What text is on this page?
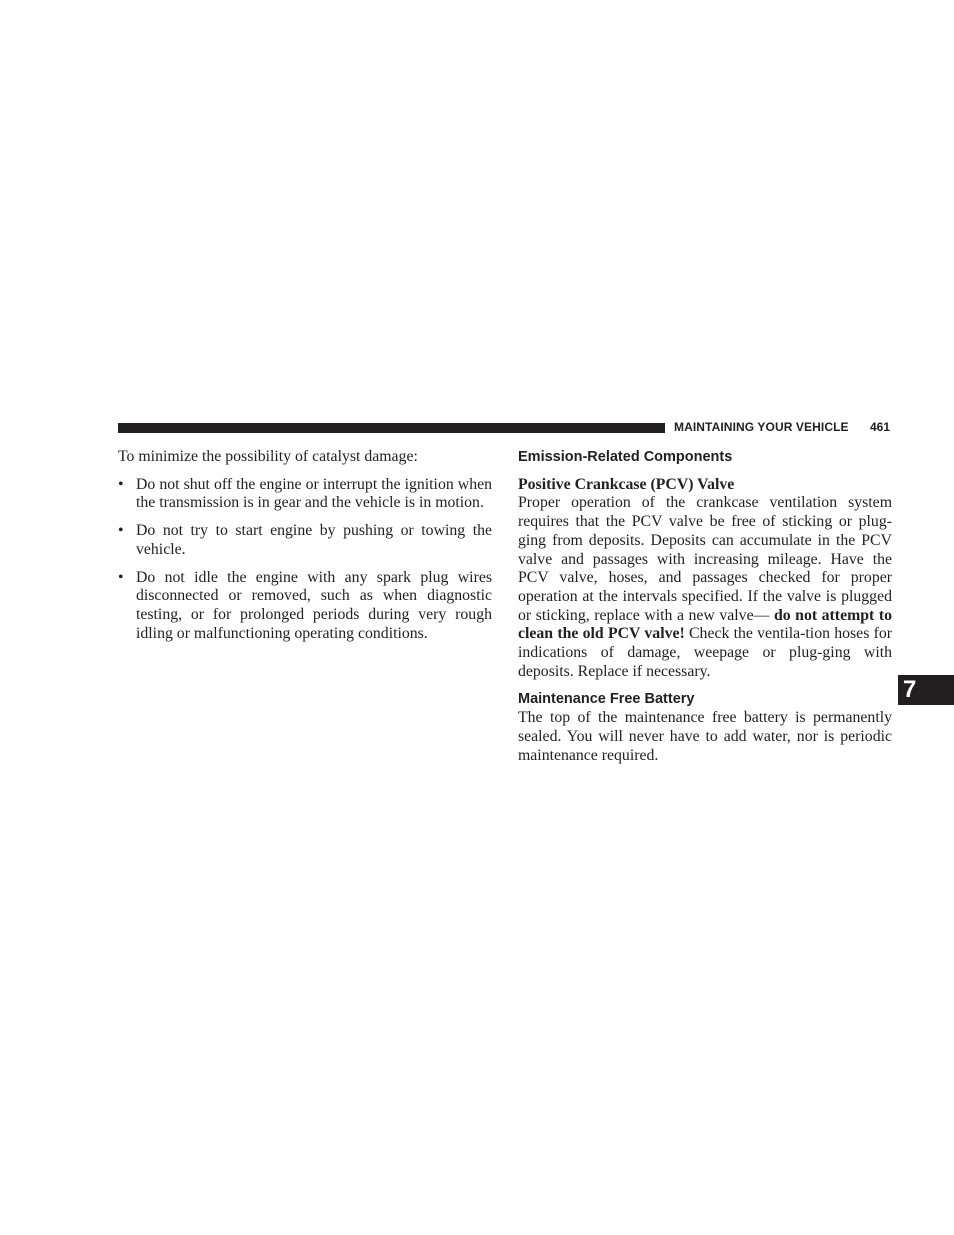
MAINTAINING YOUR VEHICLE 461
7

To minimize the possibility of catalyst damage:

• Do not shut off the engine or interrupt the ignition when the transmission is in gear and the vehicle is in motion.
• Do not try to start engine by pushing or towing the vehicle.
• Do not idle the engine with any spark plug wires disconnected or removed, such as when diagnostic testing, or for prolonged periods during very rough idling or malfunctioning operating conditions.
Emission-Related Components
Positive Crankcase (PCV) Valve

Proper operation of the crankcase ventilation system requires that the PCV valve be free of sticking or plug-ging from deposits. Deposits can accumulate in the PCV valve and passages with increasing mileage. Have the PCV valve, hoses, and passages checked for proper operation at the intervals specified. If the valve is plugged or sticking, replace with a new valve— do not attempt to clean the old PCV valve! Check the ventila-tion hoses for indications of damage, weepage or plug-ging with deposits. Replace if necessary.

Maintenance Free Battery

The top of the maintenance free battery is permanently sealed. You will never have to add water, nor is periodic maintenance required.
